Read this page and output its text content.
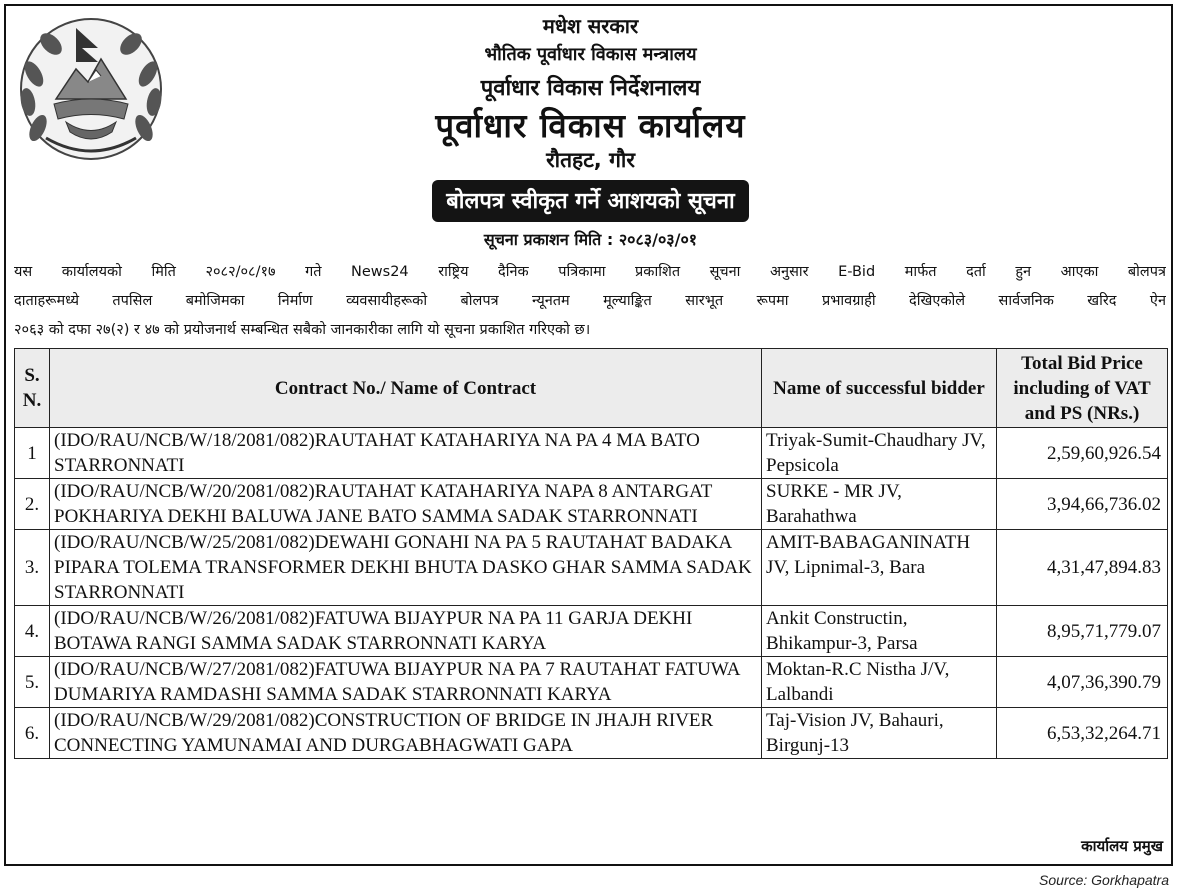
मधेश सरकार
भौतिक पूर्वाधार विकास मन्त्रालय
पूर्वाधार विकास निर्देशनालय
पूर्वाधार विकास कार्यालय
रौतहट, गौर
बोलपत्र स्वीकृत गर्ने आशयको सूचना
सूचना प्रकाशन मिति : २०८३/०३/०१
यस कार्यालयको मिति २०८२/०८/१७ गते News24 राष्ट्रिय दैनिक पत्रिकामा प्रकाशित सूचना अनुसार E-Bid मार्फत दर्ता हुन आएका बोलपत्र
दाताहरूमध्ये तपसिल बमोजिमका निर्माण व्यवसायीहरूको बोलपत्र न्यूनतम मूल्याङ्कित सारभूत रूपमा प्रभावग्राही देखिएकोले सार्वजनिक खरिद ऐन
२०६३ को दफा २७(२) र ४७ को प्रयोजनार्थ सम्बन्धित सबैको जानकारीका लागि यो सूचना प्रकाशित गरिएको छ।
S. N.	Contract No./ Name of Contract	Name of successful bidder	Total Bid Price including of VAT and PS (NRs.)
1	(IDO/RAU/NCB/W/18/2081/082)RAUTAHAT KATAHARIYA NA PA 4 MA BATO STARRONNATI	Triyak-Sumit-Chaudhary JV, Pepsicola	2,59,60,926.54
2.	(IDO/RAU/NCB/W/20/2081/082)RAUTAHAT KATAHARIYA NAPA 8 ANTARGAT POKHARIYA DEKHI BALUWA JANE BATO SAMMA SADAK STARRONNATI	SURKE - MR JV, Barahathwa	3,94,66,736.02
3.	(IDO/RAU/NCB/W/25/2081/082)DEWAHI GONAHI NA PA 5 RAUTAHAT BADAKA PIPARA TOLEMA TRANSFORMER DEKHI BHUTA DASKO GHAR SAMMA SADAK STARRONNATI	AMIT-BABAGANINATH JV, Lipnimal-3, Bara	4,31,47,894.83
4.	(IDO/RAU/NCB/W/26/2081/082)FATUWA BIJAYPUR NA PA 11 GARJA DEKHI BOTAWA RANGI SAMMA SADAK STARRONNATI KARYA	Ankit Constructin, Bhikampur-3, Parsa	8,95,71,779.07
5.	(IDO/RAU/NCB/W/27/2081/082)FATUWA BIJAYPUR NA PA 7 RAUTAHAT FATUWA DUMARIYA RAMDASHI SAMMA SADAK STARRONNATI KARYA	Moktan-R.C Nistha J/V, Lalbandi	4,07,36,390.79
6.	(IDO/RAU/NCB/W/29/2081/082)CONSTRUCTION OF BRIDGE IN JHAJH RIVER CONNECTING YAMUNAMAI AND DURGABHAGWATI GAPA	Taj-Vision JV, Bahauri, Birgunj-13	6,53,32,264.71
कार्यालय प्रमुख
Source: Gorkhapatra
